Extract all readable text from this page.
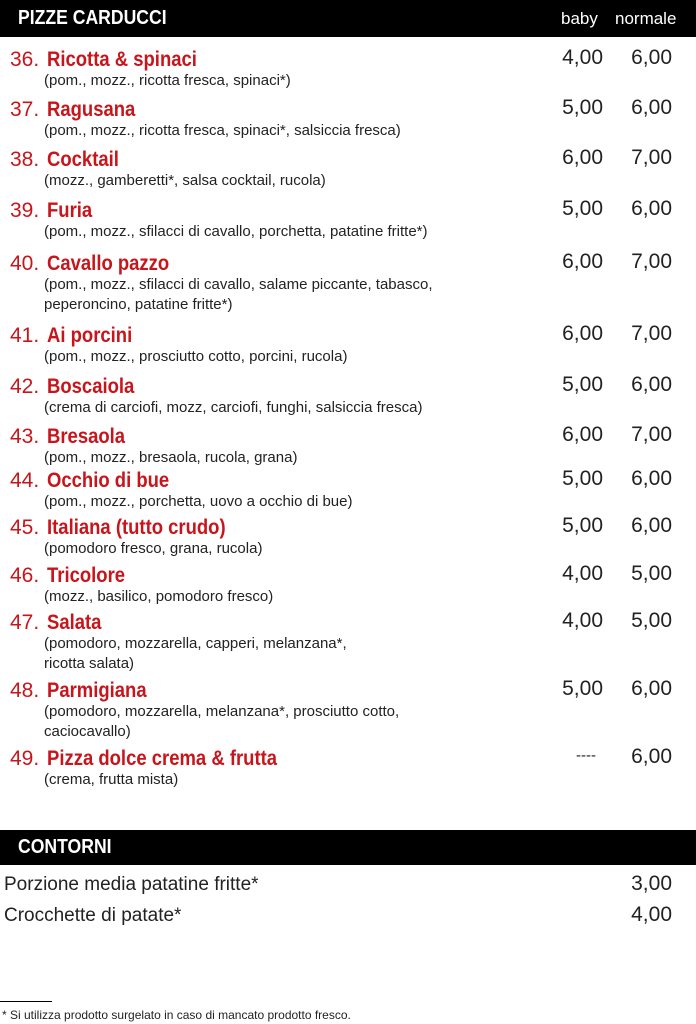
PIZZE CARDUCCI	baby normale
36. Ricotta & spinaci
(pom., mozz., ricotta fresca, spinaci*)
4,00	6,00
37. Ragusana
(pom., mozz., ricotta fresca, spinaci*, salsiccia fresca)
5,00	6,00
38. Cocktail
(mozz., gamberetti*, salsa cocktail, rucola)
6,00	7,00
39. Furia
(pom., mozz., sfilacci di cavallo, porchetta, patatine fritte*)
5,00	6,00
40. Cavallo pazzo
(pom., mozz., sfilacci di cavallo, salame piccante, tabasco,
peperoncino, patatine fritte*)
6,00	7,00
41. Ai porcini
(pom., mozz., prosciutto cotto, porcini, rucola)
6,00	7,00
42. Boscaiola
(crema di carciofi, mozz, carciofi, funghi, salsiccia fresca)
5,00	6,00
43. Bresaola
(pom., mozz., bresaola, rucola, grana)
6,00	7,00
44. Occhio di bue
(pom., mozz., porchetta, uovo a occhio di bue)
5,00	6,00
45. Italiana (tutto crudo)
(pomodoro fresco, grana, rucola)
5,00	6,00
46. Tricolore
(mozz., basilico, pomodoro fresco)
4,00	5,00
47. Salata
(pomodoro, mozzarella, capperi, melanzana*,
ricotta salata)
4,00	5,00
48. Parmigiana
(pomodoro, mozzarella, melanzana*, prosciutto cotto,
caciocavallo)
5,00	6,00
49. Pizza dolce crema & frutta
(crema, frutta mista)
----	6,00
CONTORNI
Porzione media patatine fritte*	3,00
Crocchette di patate*	4,00
* Si utilizza prodotto surgelato in caso di mancato prodotto fresco.
